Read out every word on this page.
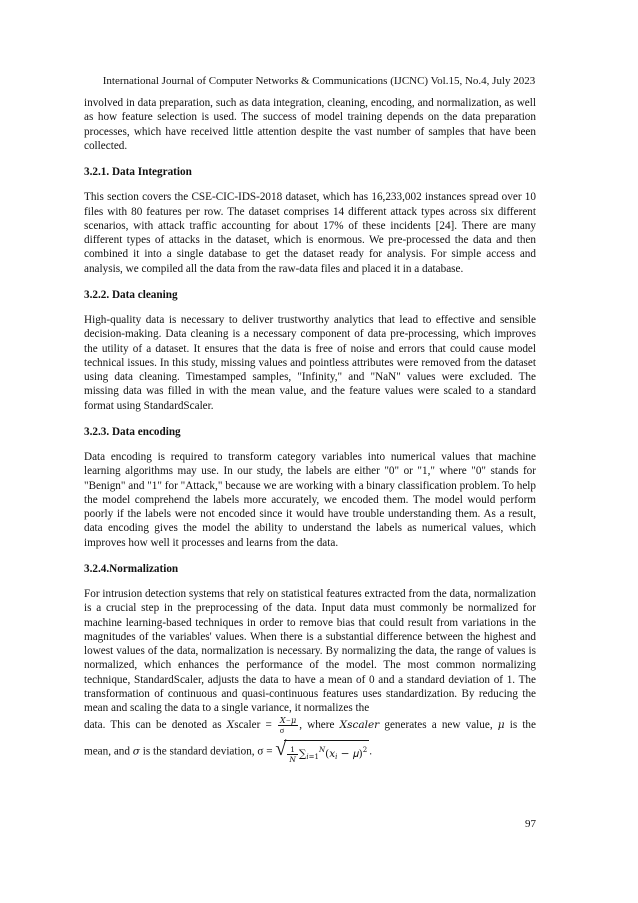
International Journal of Computer Networks & Communications (IJCNC) Vol.15, No.4, July 2023

involved in data preparation, such as data integration, cleaning, encoding, and normalization, as well as how feature selection is used. The success of model training depends on the data preparation processes, which have received little attention despite the vast number of samples that have been collected.

3.2.1. Data Integration

This section covers the CSE-CIC-IDS-2018 dataset, which has 16,233,002 instances spread over 10 files with 80 features per row. The dataset comprises 14 different attack types across six different scenarios, with attack traffic accounting for about 17% of these incidents [24]. There are many different types of attacks in the dataset, which is enormous. We pre-processed the data and then combined it into a single database to get the dataset ready for analysis. For simple access and analysis, we compiled all the data from the raw-data files and placed it in a database.

3.2.2. Data cleaning

High-quality data is necessary to deliver trustworthy analytics that lead to effective and sensible decision-making. Data cleaning is a necessary component of data pre-processing, which improves the utility of a dataset. It ensures that the data is free of noise and errors that could cause model technical issues. In this study, missing values and pointless attributes were removed from the dataset using data cleaning. Timestamped samples, "Infinity," and "NaN" values were excluded. The missing data was filled in with the mean value, and the feature values were scaled to a standard format using StandardScaler.

3.2.3. Data encoding

Data encoding is required to transform category variables into numerical values that machine learning algorithms may use. In our study, the labels are either "0" or "1," where "0" stands for "Benign" and "1" for "Attack," because we are working with a binary classification problem. To help the model comprehend the labels more accurately, we encoded them. The model would perform poorly if the labels were not encoded since it would have trouble understanding them. As a result, data encoding gives the model the ability to understand the labels as numerical values, which improves how well it processes and learns from the data.

3.2.4.Normalization

For intrusion detection systems that rely on statistical features extracted from the data, normalization is a crucial step in the preprocessing of the data. Input data must commonly be normalized for machine learning-based techniques in order to remove bias that could result from variations in the magnitudes of the variables' values. When there is a substantial difference between the highest and lowest values of the data, normalization is necessary. By normalizing the data, the range of values is normalized, which enhances the performance of the model. The most common normalizing technique, StandardScaler, adjusts the data to have a mean of 0 and a standard deviation of 1. The transformation of continuous and quasi-continuous features uses standardization. By reducing the mean and scaling the data to a single variance, it normalizes the

data. This can be denoted as 𝑋scaler = $\frac{\text{𝑋−𝜇}}{\sigma}$ , where 𝑋𝑠𝑐𝑎𝑙𝑒𝑟 generates a new value, 𝜇 is the

mean, and 𝜎 is the standard deviation, σ = √ $\frac{1}{\text{𝑁}}$ $\sum_{𝑖=1}^𝑁(𝑥_𝑖$ − 𝜇)$^2$ .

97
